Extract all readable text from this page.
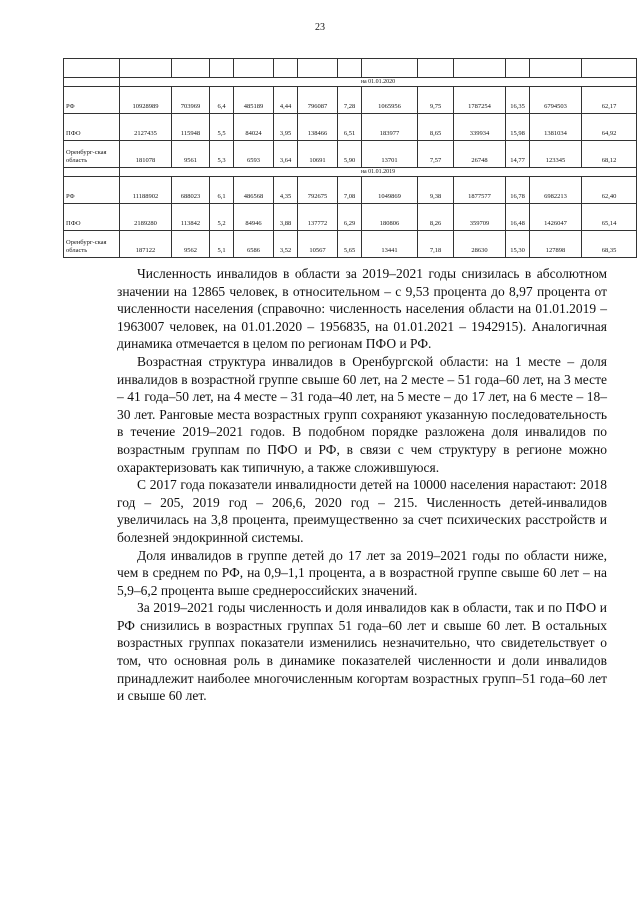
23

	на 01.01.2020												
РФ	10928989	703969	6,4	485189	4,44	796087	7,28	1065956	9,75	1787254	16,35	6794503	62,17
ПФО	2127435	115948	5,5	84024	3,95	138466	6,51	183977	8,65	339934	15,98	1381034	64,92
Оренбург-ская область	181078	9561	5,3	6593	3,64	10691	5,90	13701	7,57	26748	14,77	123345	68,12
	на 01.01.2019												
РФ	11188902	688023	6,1	486568	4,35	792675	7,08	1049869	9,38	1877577	16,78	6982213	62,40
ПФО	2189280	113842	5,2	84946	3,88	137772	6,29	180806	8,26	359709	16,48	1426047	65,14
Оренбург-ская область	187122	9562	5,1	6586	3,52	10567	5,65	13441	7,18	28630	15,30	127898	68,35

Численность инвалидов в области за 2019–2021 годы снизилась в абсолютном значении на 12865 человек, в относительном – с 9,53 процента до 8,97 процента от численности населения (справочно: численность населения области на 01.01.2019 – 1963007 человек, на 01.01.2020 – 1956835, на 01.01.2021 – 1942915). Аналогичная динамика отмечается в целом по регионам ПФО и РФ.

Возрастная структура инвалидов в Оренбургской области: на 1 месте – доля инвалидов в возрастной группе свыше 60 лет, на 2 месте – 51 года–60 лет, на 3 месте – 41 года–50 лет, на 4 месте – 31 года–40 лет, на 5 месте – до 17 лет, на 6 месте – 18–30 лет. Ранговые места возрастных групп сохраняют указанную последовательность в течение 2019–2021 годов. В подобном порядке разложена доля инвалидов по возрастным группам по ПФО и РФ, в связи с чем структуру в регионе можно охарактеризовать как типичную, а также сложившуюся.

С 2017 года показатели инвалидности детей на 10000 населения нарастают: 2018 год – 205, 2019 год – 206,6, 2020 год – 215. Численность детей-инвалидов увеличилась на 3,8 процента, преимущественно за счет психических расстройств и болезней эндокринной системы.

Доля инвалидов в группе детей до 17 лет за 2019–2021 годы по области ниже, чем в среднем по РФ, на 0,9–1,1 процента, а в возрастной группе свыше 60 лет – на 5,9–6,2 процента выше среднероссийских значений.

За 2019–2021 годы численность и доля инвалидов как в области, так и по ПФО и РФ снизились в возрастных группах 51 года–60 лет и свыше 60 лет. В остальных возрастных группах показатели изменились незначительно, что свидетельствует о том, что основная роль в динамике показателей численности и доли инвалидов принадлежит наиболее многочисленным когортам возрастных групп–51 года–60 лет и свыше 60 лет.
